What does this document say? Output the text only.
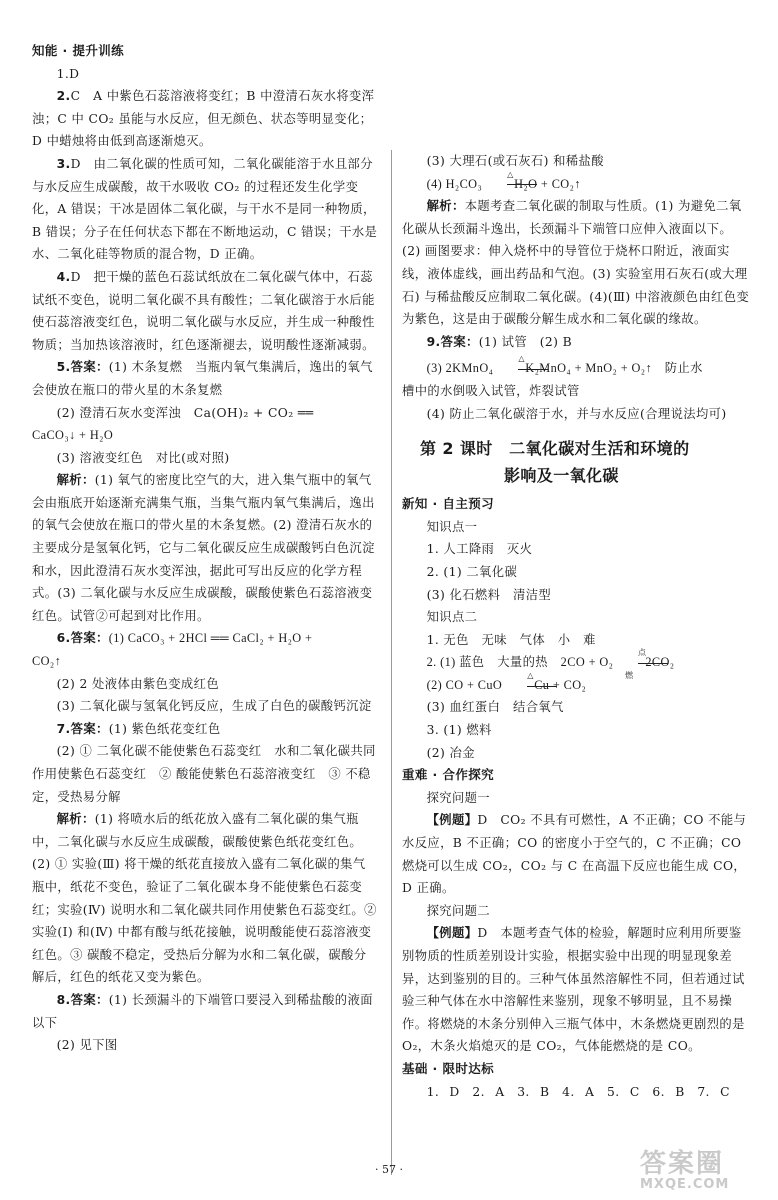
知能 · 提升训练

1.D

2.C　A 中紫色石蕊溶液将变红；B 中澄清石灰水将变浑浊；C 中 CO₂ 虽能与水反应，但无颜色、状态等明显变化；D 中蜡烛将由低到高逐渐熄灭。

3.D　由二氧化碳的性质可知，二氧化碳能溶于水且部分与水反应生成碳酸，故干水吸收 CO₂ 的过程还发生化学变化，A 错误；干冰是固体二氧化碳，与干水不是同一种物质，B 错误；分子在任何状态下都在不断地运动，C 错误；干水是水、二氧化硅等物质的混合物，D 正确。

4.D　把干燥的蓝色石蕊试纸放在二氧化碳气体中，石蕊试纸不变色，说明二氧化碳不具有酸性；二氧化碳溶于水后能使石蕊溶液变红色，说明二氧化碳与水反应，并生成一种酸性物质；当加热该溶液时，红色逐渐褪去，说明酸性逐渐减弱。

5.答案：(1) 木条复燃　当瓶内氧气集满后，逸出的氧气会使放在瓶口的带火星的木条复燃

(2) 澄清石灰水变浑浊　Ca(OH)₂ + CO₂ ══

CaCO₃↓ + H₂O

(3) 溶液变红色　对比(或对照)

解析：(1) 氧气的密度比空气的大，进入集气瓶中的氧气会由瓶底开始逐渐充满集气瓶，当集气瓶内氧气集满后，逸出的氧气会使放在瓶口的带火星的木条复燃。(2) 澄清石灰水的主要成分是氢氧化钙，它与二氧化碳反应生成碳酸钙白色沉淀和水，因此澄清石灰水变浑浊，据此可写出反应的化学方程式。(3) 二氧化碳与水反应生成碳酸，碳酸使紫色石蕊溶液变红色。试管②可起到对比作用。

6.答案：(1) CaCO₃ + 2HCl ══ CaCl₂ + H₂O +

CO₂↑

(2) 2 处液体由紫色变成红色

(3) 二氧化碳与氢氧化钙反应，生成了白色的碳酸钙沉淀

7.答案：(1) 紫色纸花变红色

(2) ① 二氧化碳不能使紫色石蕊变红　水和二氧化碳共同作用使紫色石蕊变红　② 酸能使紫色石蕊溶液变红　③ 不稳定，受热易分解

解析：(1) 将喷水后的纸花放入盛有二氧化碳的集气瓶中，二氧化碳与水反应生成碳酸，碳酸使紫色纸花变红色。(2) ① 实验(Ⅲ) 将干燥的纸花直接放入盛有二氧化碳的集气瓶中，纸花不变色，验证了二氧化碳本身不能使紫色石蕊变红；实验(Ⅳ) 说明水和二氧化碳共同作用使紫色石蕊变红。② 实验(Ⅰ) 和(Ⅳ) 中都有酸与纸花接触，说明酸能使石蕊溶液变红色。③ 碳酸不稳定，受热后分解为水和二氧化碳，碳酸分解后，红色的纸花又变为紫色。

8.答案：(1) 长颈漏斗的下端管口要浸入到稀盐酸的液面以下

(2) 见下图

(3) 大理石(或石灰石) 和稀盐酸

(4) H₂CO₃
△
H₂O + CO₂↑

解析：本题考查二氧化碳的制取与性质。(1) 为避免二氧化碳从长颈漏斗逸出，长颈漏斗下端管口应伸入液面以下。(2) 画图要求：伸入烧杯中的导管位于烧杯口附近，液面实线，液体虚线，画出药品和气泡。(3) 实验室用石灰石(或大理石) 与稀盐酸反应制取二氧化碳。(4)(Ⅲ) 中溶液颜色由红色变为紫色，这是由于碳酸分解生成水和二氧化碳的缘故。

9.答案：(1) 试管　(2) B

(3) 2KMnO₄
△
K₂MnO₄ + MnO₂ + O₂↑　防止水

槽中的水倒吸入试管，炸裂试管

(4) 防止二氧化碳溶于水，并与水反应(合理说法均可)

第 2 课时　二氧化碳对生活和环境的
影响及一氧化碳

新知 · 自主预习

知识点一

1. 人工降雨　灭火

2. (1) 二氧化碳

(3) 化石燃料　清洁型

知识点二

1. 无色　无味　气体　小　难

2. (1) 蓝色　大量的热　2CO + O₂
点燃
2CO₂

(2) CO + CuO
△
Cu + CO₂

(3) 血红蛋白　结合氧气

3. (1) 燃料

(2) 冶金

重难 · 合作探究

探究问题一

【例题】D　CO₂ 不具有可燃性，A 不正确；CO 不能与水反应，B 不正确；CO 的密度小于空气的，C 不正确；CO 燃烧可以生成 CO₂，CO₂ 与 C 在高温下反应也能生成 CO，D 正确。

探究问题二

【例题】D　本题考查气体的检验，解题时应利用所要鉴别物质的性质差别设计实验，根据实验中出现的明显现象差异，达到鉴别的目的。三种气体虽然溶解性不同，但若通过试验三种气体在水中溶解性来鉴别，现象不够明显，且不易操作。将燃烧的木条分别伸入三瓶气体中，木条燃烧更剧烈的是 O₂，木条火焰熄灭的是 CO₂，气体能燃烧的是 CO。

基础 · 限时达标

1. D　2. A　3. B　4. A　5. C　6. B　7. C

· 57 ·	答案圈
MXQE.COM
